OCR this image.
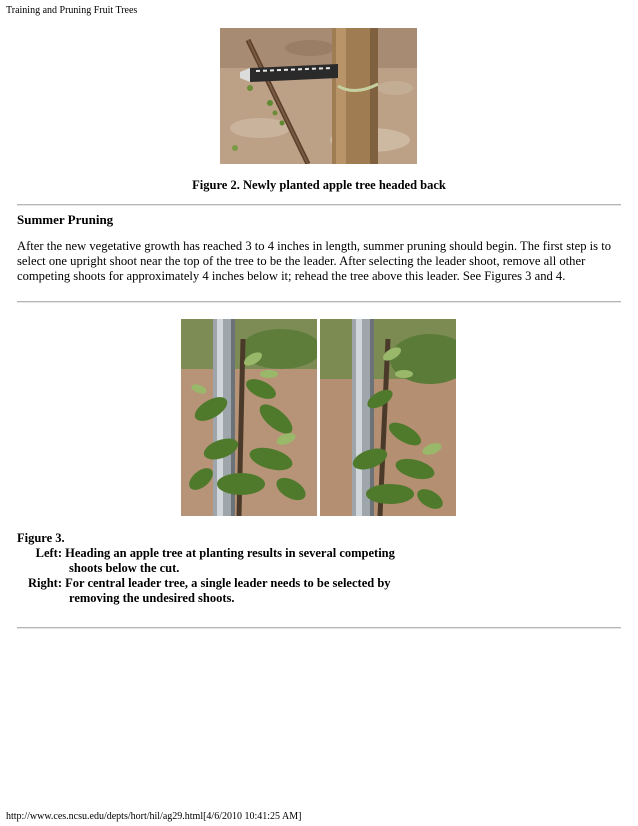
Training and Pruning Fruit Trees
Figure 2. Newly planted apple tree headed back
Summer Pruning

After the new vegetative growth has reached 3 to 4 inches in length, summer pruning should begin. The first step is to select one upright shoot near the top of the tree to be the leader. After selecting the leader shoot, remove all other competing shoots for approximately 4 inches below it; rehead the tree above this leader. See Figures 3 and 4.

Figure 3.
Left: Heading an apple tree at planting results in several competing
shoots below the cut.
Right: For central leader tree, a single leader needs to be selected by
removing the undesired shoots.
http://www.ces.ncsu.edu/depts/hort/hil/ag29.html[4/6/2010 10:41:25 AM]
